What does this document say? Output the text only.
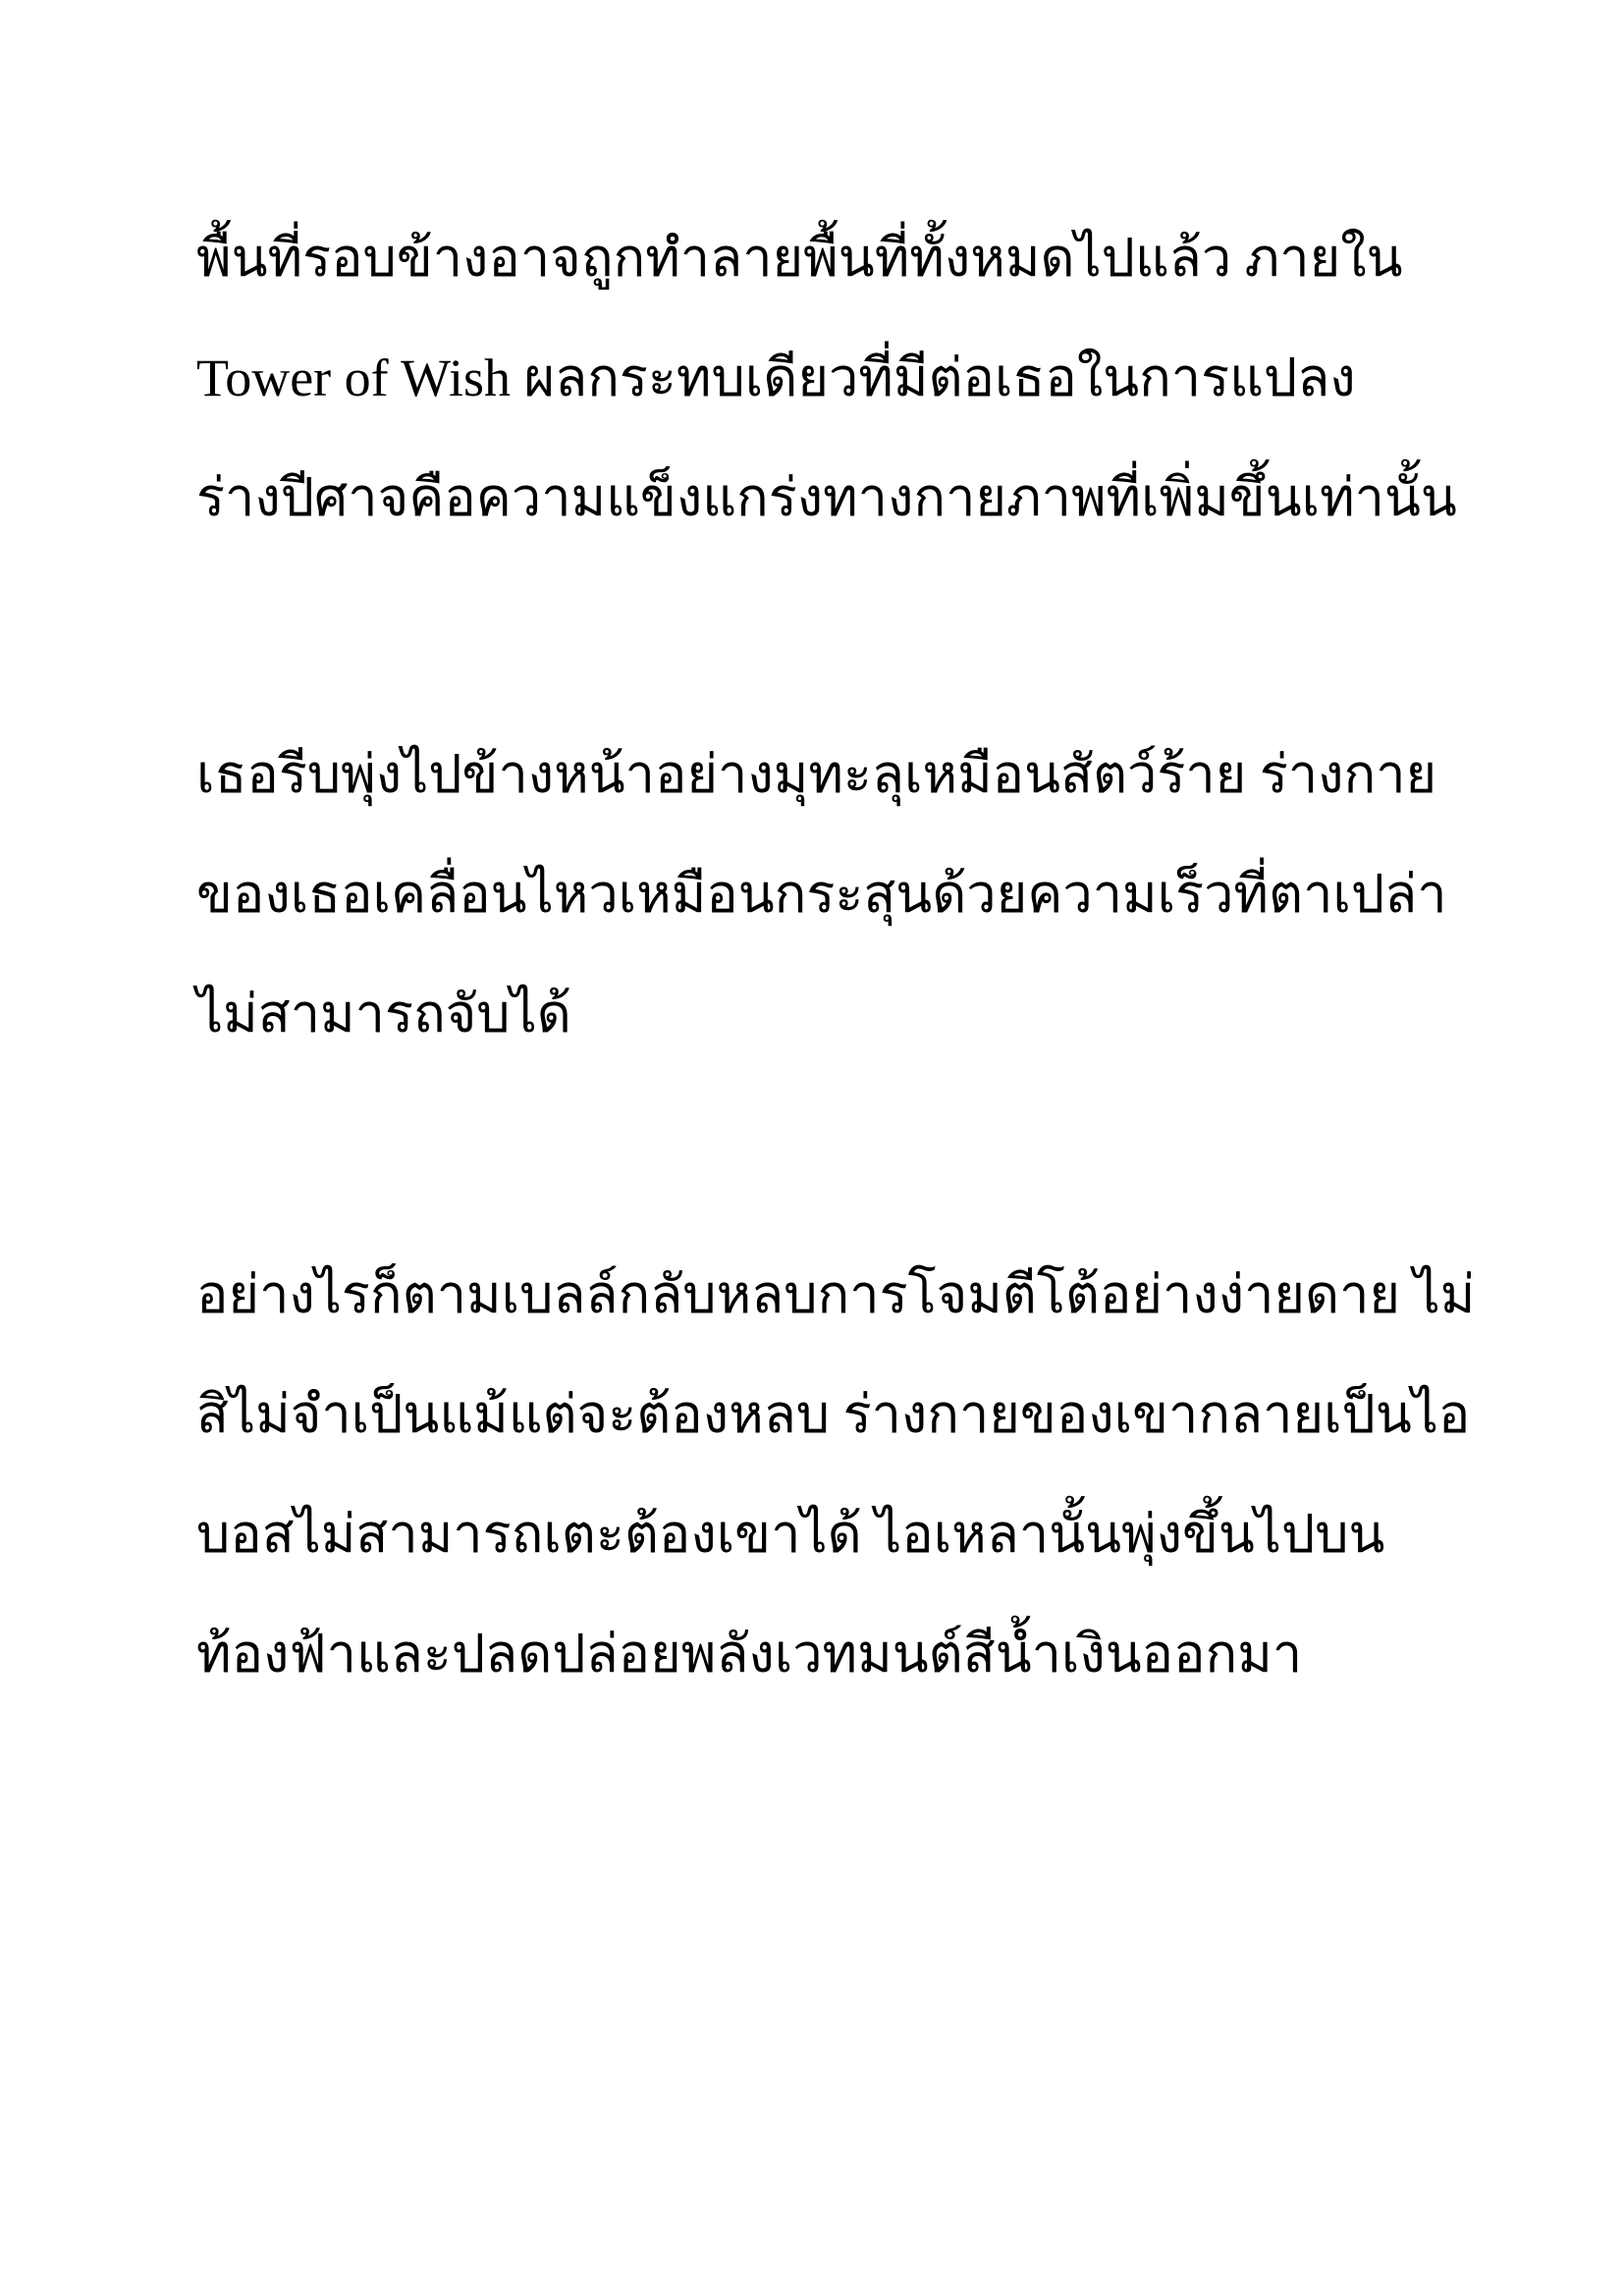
พื้นที่รอบข้างอาจถูกทำลายพื้นที่ทั้งหมดไปแล้ว ภายใน
Tower of Wish ผลกระทบเดียวที่มีต่อเธอในการแปลง
ร่างปีศาจคือความแข็งแกร่งทางกายภาพที่เพิ่มขึ้นเท่านั้น

เธอรีบพุ่งไปข้างหน้าอย่างมุทะลุเหมือนสัตว์ร้าย ร่างกาย
ของเธอเคลื่อนไหวเหมือนกระสุนด้วยความเร็วที่ตาเปล่า
ไม่สามารถจับได้

อย่างไรก็ตามเบลล์กลับหลบการโจมตีโต้อย่างง่ายดาย ไม่
สิไม่จำเป็นแม้แต่จะต้องหลบ ร่างกายของเขากลายเป็นไอ
บอสไม่สามารถเตะต้องเขาได้ ไอเหลานั้นพุ่งขึ้นไปบน
ท้องฟ้าและปลดปล่อยพลังเวทมนต์สีน้ำเงินออกมา
